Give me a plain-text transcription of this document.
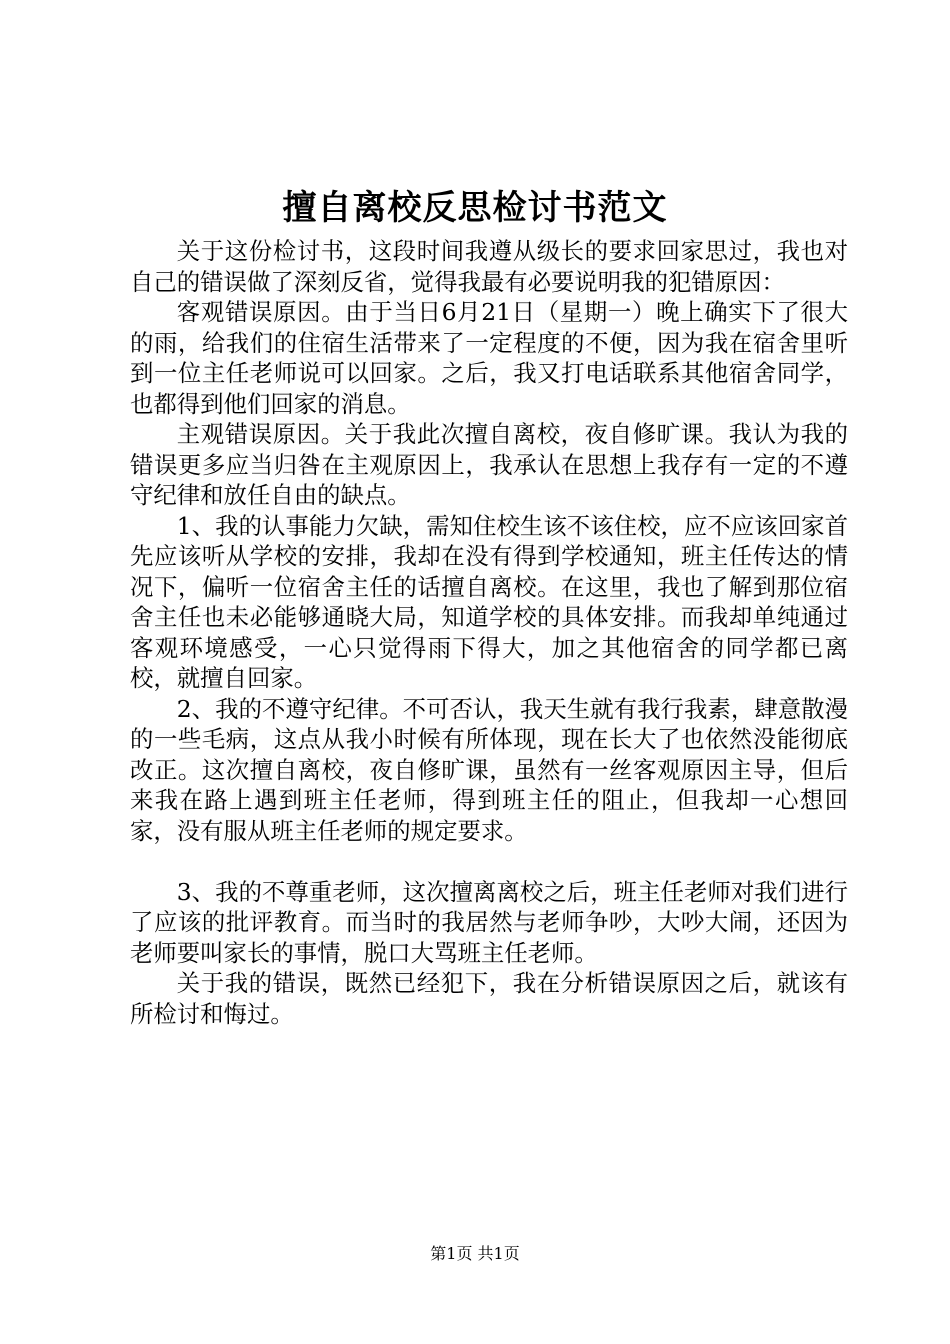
擅自离校反思检讨书范文

关于这份检讨书，这段时间我遵从级长的要求回家思过，我也对自己的错误做了深刻反省，觉得我最有必要说明我的犯错原因：

客观错误原因。由于当日6月21日（星期一）晚上确实下了很大的雨，给我们的住宿生活带来了一定程度的不便，因为我在宿舍里听到一位主任老师说可以回家。之后，我又打电话联系其他宿舍同学，也都得到他们回家的消息。

主观错误原因。关于我此次擅自离校，夜自修旷课。我认为我的错误更多应当归咎在主观原因上，我承认在思想上我存有一定的不遵守纪律和放任自由的缺点。

1、我的认事能力欠缺，需知住校生该不该住校，应不应该回家首先应该听从学校的安排，我却在没有得到学校通知，班主任传达的情况下，偏听一位宿舍主任的话擅自离校。在这里，我也了解到那位宿舍主任也未必能够通晓大局，知道学校的具体安排。而我却单纯通过客观环境感受，一心只觉得雨下得大，加之其他宿舍的同学都已离校，就擅自回家。

2、我的不遵守纪律。不可否认，我天生就有我行我素，肆意散漫的一些毛病，这点从我小时候有所体现，现在长大了也依然没能彻底改正。这次擅自离校，夜自修旷课，虽然有一丝客观原因主导，但后来我在路上遇到班主任老师，得到班主任的阻止，但我却一心想回家，没有服从班主任老师的规定要求。

3、我的不尊重老师，这次擅离离校之后，班主任老师对我们进行了应该的批评教育。而当时的我居然与老师争吵，大吵大闹，还因为老师要叫家长的事情，脱口大骂班主任老师。

关于我的错误，既然已经犯下，我在分析错误原因之后，就该有所检讨和悔过。

第1页 共1页
